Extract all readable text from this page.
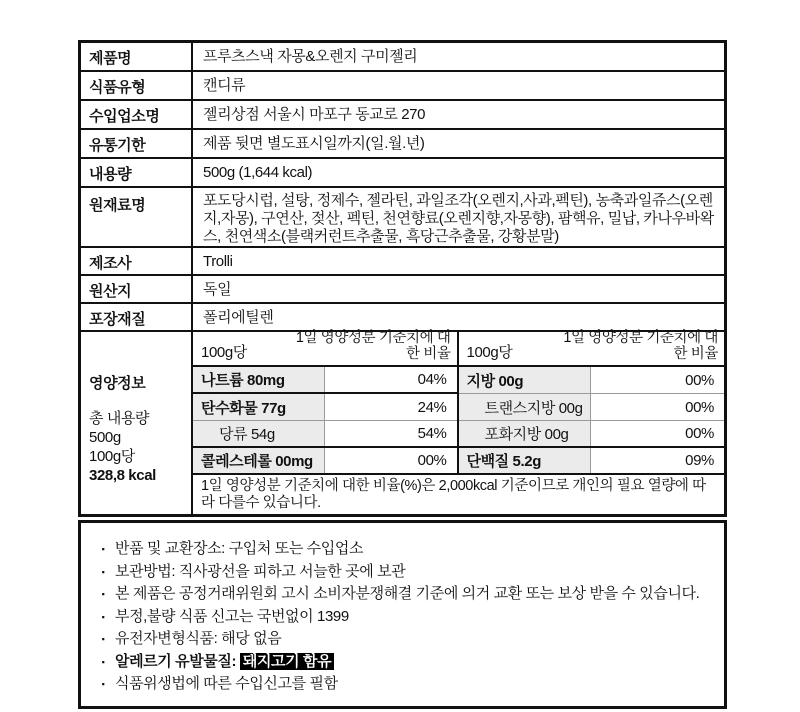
제품명	프루츠스낵 자몽&오렌지 구미젤리
식품유형	캔디류
수입업소명	젤리상점 서울시 마포구 동교로 270
유통기한	제품 뒷면 별도표시일까지(일.월.년)
내용량	500g (1,644 kcal)
원재료명	포도당시럽, 설탕, 정제수, 젤라틴, 과일조각(오렌지,사과,펙틴), 농축과일쥬스(오렌지,자몽), 구연산, 젖산, 펙틴, 천연향료(오렌지향,자몽향), 팜핵유, 밀납, 카나우바왁스, 천연색소(블랙커런트추출물, 흑당근추출물, 강황분말)
제조사	Trolli
원산지	독일
포장재질	폴리에틸렌
영양정보
총 내용량 500g
100g당
328,8 kcal
100g당
1일 영양성분 기준치에 대한 비율
나트륨 80mg	04%
탄수화물 77g	24%
당류 54g	54%
콜레스테롤 00mg	00%
100g당
1일 영양성분 기준치에 대한 비율
지방 00g	00%
트랜스지방 00g	00%
포화지방 00g	00%
단백질 5.2g	09%
1일 영양성분 기준치에 대한 비율(%)은 2,000kcal 기준이므로 개인의 필요 열량에 따라 다를수 있습니다.
▪ 반품 및 교환장소: 구입처 또는 수입업소
▪ 보관방법: 직사광선을 피하고 서늘한 곳에 보관
▪ 본 제품은 공정거래위원회 고시 소비자분쟁해결 기준에 의거 교환 또는 보상 받을 수 있습니다.
▪ 부정,불량 식품 신고는 국번없이 1399
▪ 유전자변형식품: 해당 없음
▪ 알레르기 유발물질: 돼지고기 함유
▪ 식품위생법에 따른 수입신고를 필함
